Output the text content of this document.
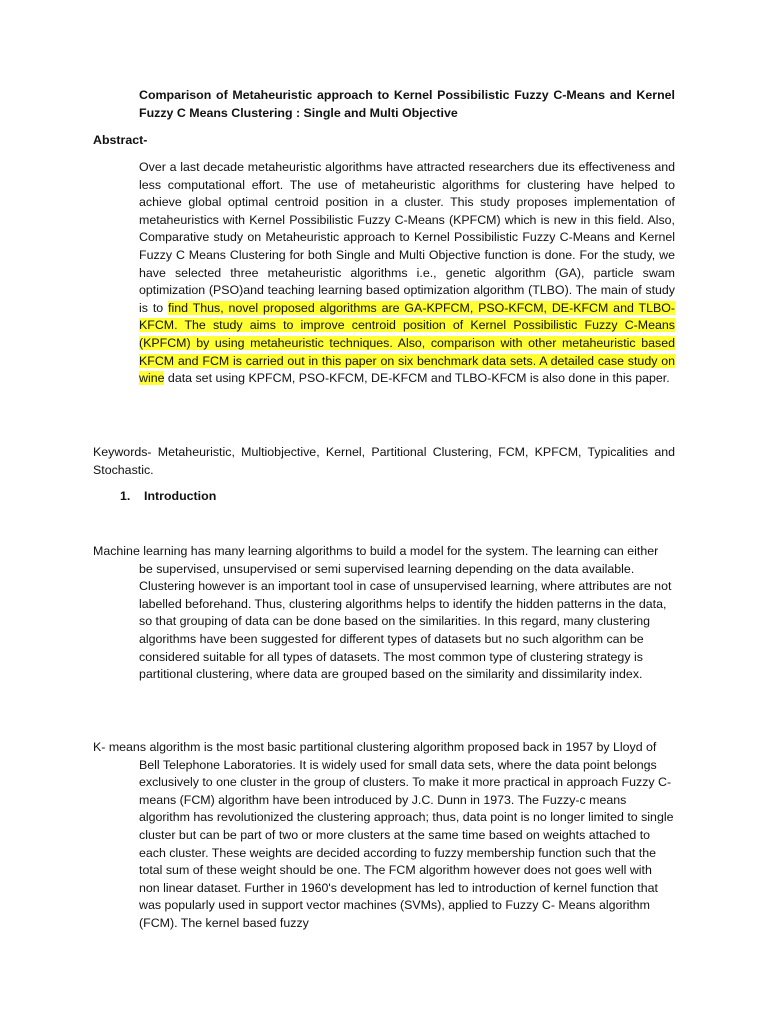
Comparison of Metaheuristic approach to Kernel Possibilistic Fuzzy C-Means and Kernel Fuzzy C Means Clustering : Single and Multi Objective
Abstract-
Over a last decade metaheuristic algorithms have attracted researchers due its effectiveness and less computational effort. The use of metaheuristic algorithms for clustering have helped to achieve global optimal centroid position in a cluster. This study proposes implementation of metaheuristics with Kernel Possibilistic Fuzzy C-Means (KPFCM) which is new in this field. Also, Comparative study on Metaheuristic approach to Kernel Possibilistic Fuzzy C-Means and Kernel Fuzzy C Means Clustering for both Single and Multi Objective function is done. For the study, we have selected three metaheuristic algorithms i.e., genetic algorithm (GA), particle swam optimization (PSO)and teaching learning based optimization algorithm (TLBO). The main of study is to find Thus, novel proposed algorithms are GA-KPFCM, PSO-KFCM, DE-KFCM and TLBO-KFCM. The study aims to improve centroid position of Kernel Possibilistic Fuzzy C-Means (KPFCM) by using metaheuristic techniques. Also, comparison with other metaheuristic based KFCM and FCM is carried out in this paper on six benchmark data sets. A detailed case study on wine data set using KPFCM, PSO-KFCM, DE-KFCM and TLBO-KFCM is also done in this paper.
Keywords- Metaheuristic, Multiobjective, Kernel, Partitional Clustering, FCM, KPFCM, Typicalities and Stochastic.
1. Introduction
Machine learning has many learning algorithms to build a model for the system. The learning can either be supervised, unsupervised or semi supervised learning depending on the data available. Clustering however is an important tool in case of unsupervised learning, where attributes are not labelled beforehand. Thus, clustering algorithms helps to identify the hidden patterns in the data, so that grouping of data can be done based on the similarities. In this regard, many clustering algorithms have been suggested for different types of datasets but no such algorithm can be considered suitable for all types of datasets. The most common type of clustering strategy is partitional clustering, where data are grouped based on the similarity and dissimilarity index.
K- means algorithm is the most basic partitional clustering algorithm proposed back in 1957 by Lloyd of Bell Telephone Laboratories. It is widely used for small data sets, where the data point belongs exclusively to one cluster in the group of clusters. To make it more practical in approach Fuzzy C-means (FCM) algorithm have been introduced by J.C. Dunn in 1973. The Fuzzy-c means algorithm has revolutionized the clustering approach; thus, data point is no longer limited to single cluster but can be part of two or more clusters at the same time based on weights attached to each cluster. These weights are decided according to fuzzy membership function such that the total sum of these weight should be one. The FCM algorithm however does not goes well with non linear dataset. Further in 1960's development has led to introduction of kernel function that was popularly used in support vector machines (SVMs), applied to Fuzzy C- Means algorithm (FCM). The kernel based fuzzy
